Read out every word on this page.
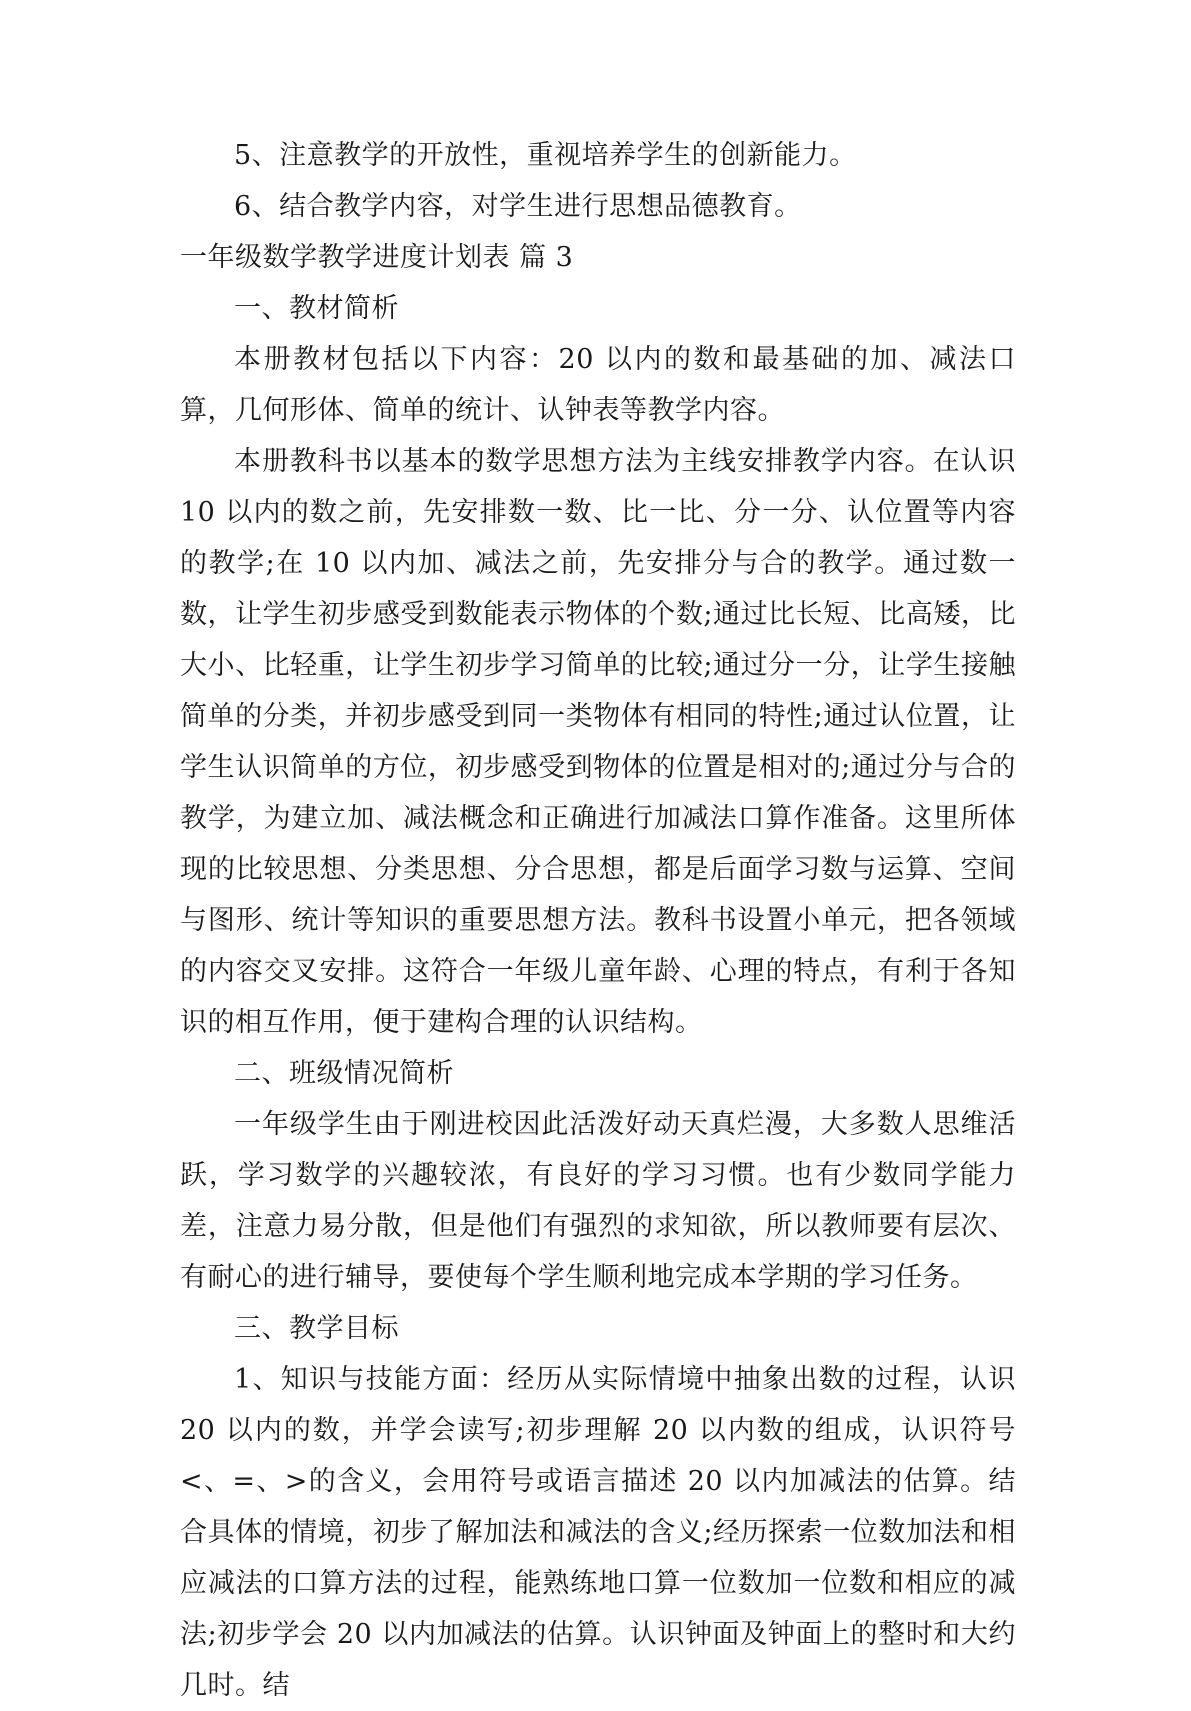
5、注意教学的开放性，重视培养学生的创新能力。

6、结合教学内容，对学生进行思想品德教育。

一年级数学教学进度计划表 篇 3

一、教材简析

本册教材包括以下内容：20 以内的数和最基础的加、减法口算，几何形体、简单的统计、认钟表等教学内容。

本册教科书以基本的数学思想方法为主线安排教学内容。在认识 10 以内的数之前，先安排数一数、比一比、分一分、认位置等内容的教学;在 10 以内加、减法之前，先安排分与合的教学。通过数一数，让学生初步感受到数能表示物体的个数;通过比长短、比高矮，比大小、比轻重，让学生初步学习简单的比较;通过分一分，让学生接触简单的分类，并初步感受到同一类物体有相同的特性;通过认位置，让学生认识简单的方位，初步感受到物体的位置是相对的;通过分与合的教学，为建立加、减法概念和正确进行加减法口算作准备。这里所体现的比较思想、分类思想、分合思想，都是后面学习数与运算、空间与图形、统计等知识的重要思想方法。教科书设置小单元，把各领域的内容交叉安排。这符合一年级儿童年龄、心理的特点，有利于各知识的相互作用，便于建构合理的认识结构。

二、班级情况简析

一年级学生由于刚进校因此活泼好动天真烂漫，大多数人思维活跃，学习数学的兴趣较浓，有良好的学习习惯。也有少数同学能力差，注意力易分散，但是他们有强烈的求知欲，所以教师要有层次、有耐心的进行辅导，要使每个学生顺利地完成本学期的学习任务。

三、教学目标

1、知识与技能方面：经历从实际情境中抽象出数的过程，认识 20 以内的数，并学会读写;初步理解 20 以内数的组成，认识符号<、=、>的含义，会用符号或语言描述 20 以内加减法的估算。结合具体的情境，初步了解加法和减法的含义;经历探索一位数加法和相应减法的口算方法的过程，能熟练地口算一位数加一位数和相应的减法;初步学会 20 以内加减法的估算。认识钟面及钟面上的整时和大约几时。结
